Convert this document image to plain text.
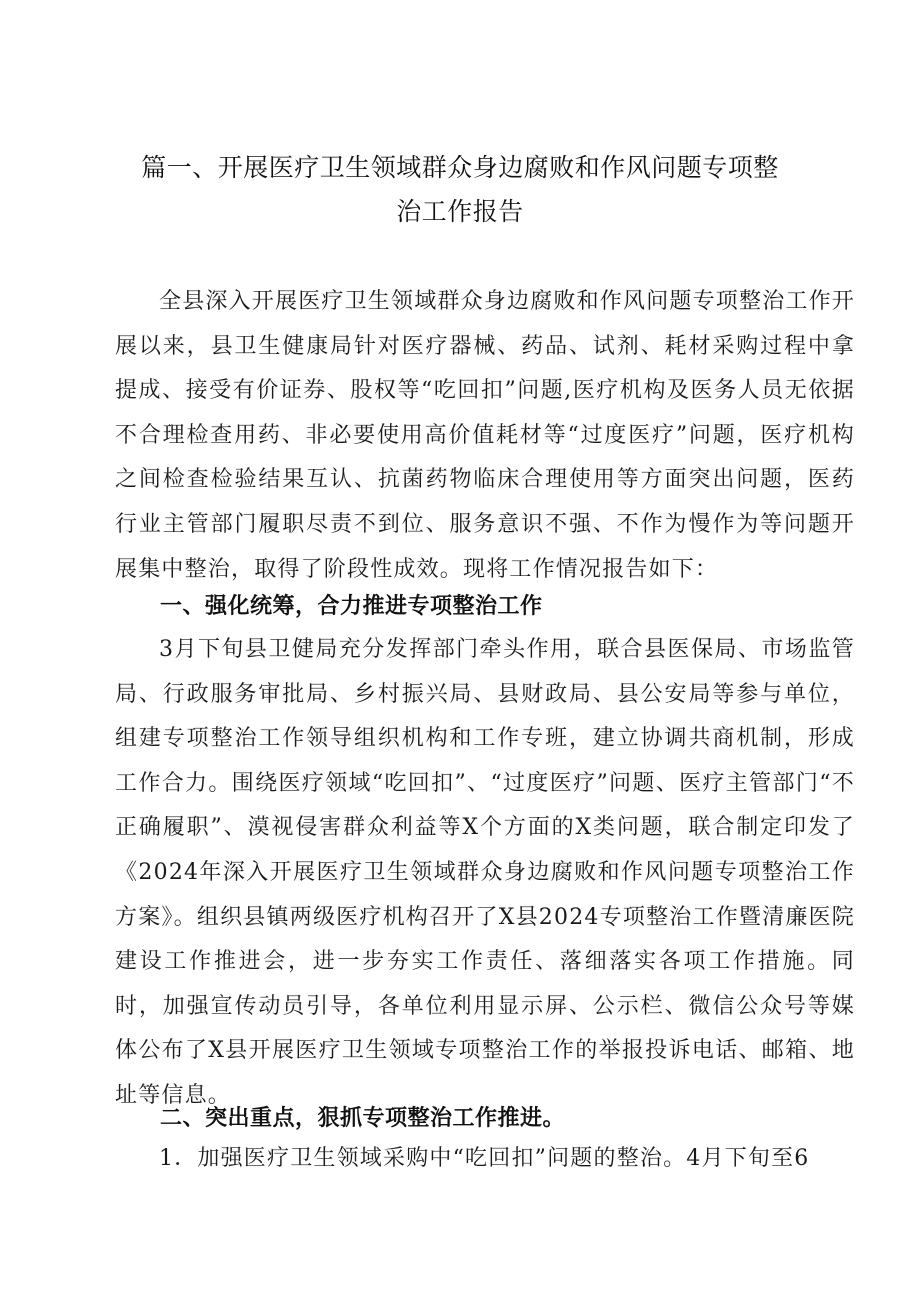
篇一、开展医疗卫生领域群众身边腐败和作风问题专项整
治工作报告

全县深入开展医疗卫生领域群众身边腐败和作风问题专项整治工作开展以来，县卫生健康局针对医疗器械、药品、试剂、耗材采购过程中拿提成、接受有价证券、股权等“吃回扣”问题,医疗机构及医务人员无依据不合理检查用药、非必要使用高价值耗材等“过度医疗”问题，医疗机构之间检查检验结果互认、抗菌药物临床合理使用等方面突出问题，医药行业主管部门履职尽责不到位、服务意识不强、不作为慢作为等问题开展集中整治，取得了阶段性成效。现将工作情况报告如下：

一、强化统筹，合力推进专项整治工作

3月下旬县卫健局充分发挥部门牵头作用，联合县医保局、市场监管局、行政服务审批局、乡村振兴局、县财政局、县公安局等参与单位，组建专项整治工作领导组织机构和工作专班，建立协调共商机制，形成工作合力。围绕医疗领域“吃回扣”、“过度医疗”问题、医疗主管部门“不正确履职”、漠视侵害群众利益等X个方面的X类问题，联合制定印发了《2024年深入开展医疗卫生领域群众身边腐败和作风问题专项整治工作方案》。组织县镇两级医疗机构召开了X县2024专项整治工作暨清廉医院建设工作推进会，进一步夯实工作责任、落细落实各项工作措施。同时，加强宣传动员引导，各单位利用显示屏、公示栏、微信公众号等媒体公布了X县开展医疗卫生领域专项整治工作的举报投诉电话、邮箱、地址等信息。

二、突出重点，狠抓专项整治工作推进。

1．加强医疗卫生领域采购中“吃回扣”问题的整治。4月下旬至6
